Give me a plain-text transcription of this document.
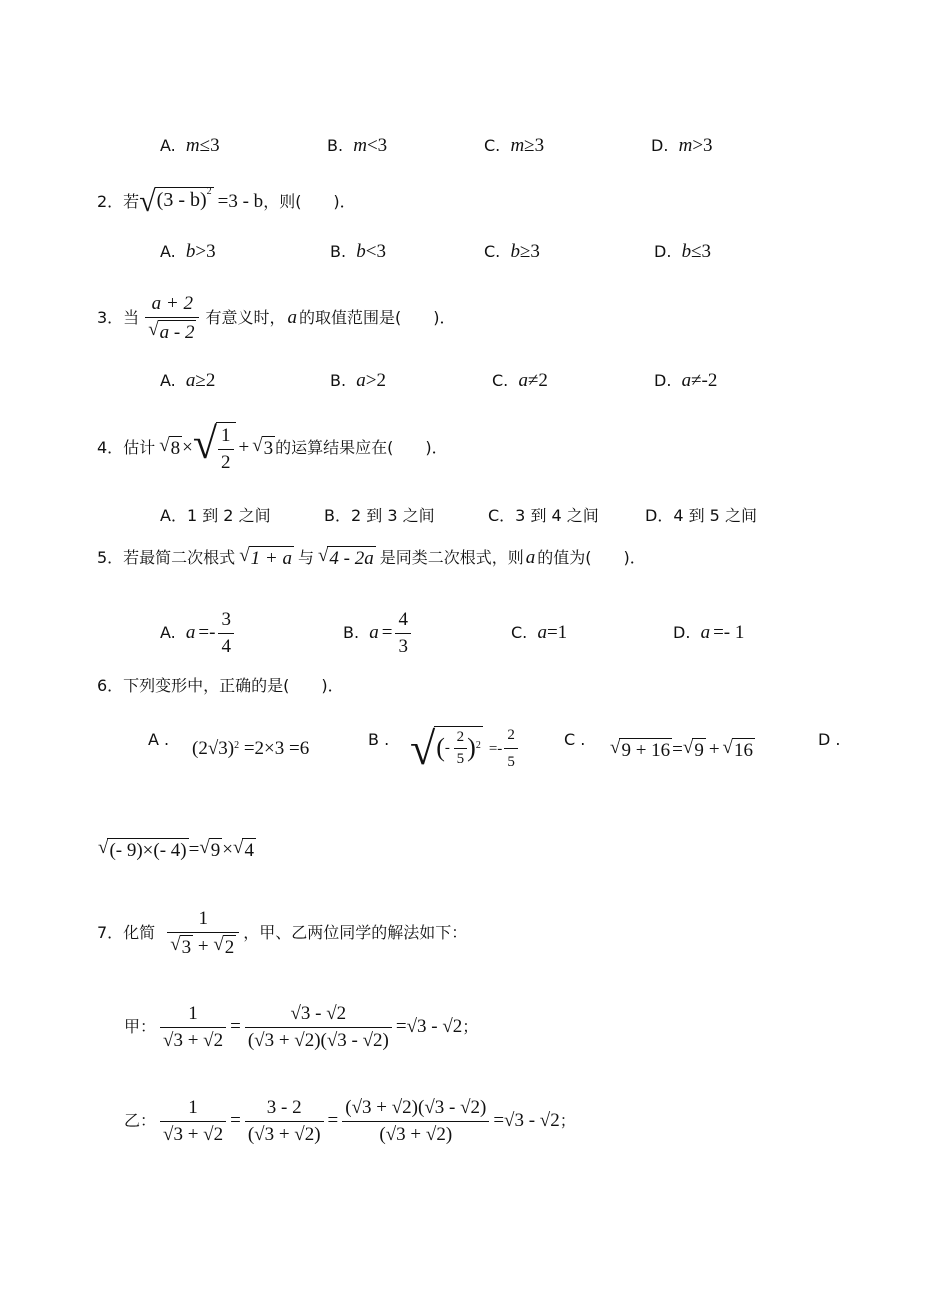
A. m≤3	B. m<3	C. m≥3	D. m>3
2．若 √ (3 - b)$^2$ =3 - b ，则(　　)．
A. b>3	B. b<3	C. b≥3	D. b≤3
3．当 $\frac{a + 2}{√ a - 2}$ 有意义时， a 的取值范围是(　　)．
A. a≥2	B. a>2	C. a≠2	D. a≠-2
4．估计 √ 8 × √ $\frac{1}{2}$ + √ 3 的运算结果应在(　　)．
A．1 到 2 之间	B．2 到 3 之间	C．3 到 4 之间	D．4 到 5 之间
5．若最简二次根式 √ 1 + a 与 √ 4 - 2a 是同类二次根式，则 a 的值为(　　)．
A.
$a =- \frac{3}{4}$	B.
$a = \frac{4}{3}$	C. a=1	D. a =- 1
6．下列变形中，正确的是(　　)．
A . $(2√3)^2 =2\times 3 =6$	B . √ ( -
$\frac{2}{5} )^2 =- \frac{2}{5}$	C . √ 9 + 16 = √ 9 + √ 16
D .
√ (- 9)×(- 4) = √ 9 × √ 4
7．化简 $\frac{1}{√ 3 + √ 2}$ ，甲、乙两位同学的解法如下：
甲： $\frac{1}{√3 + √2} = \frac{√3 - √2}{(√3 + √2)(√3 - √2)} =√3 - √2$ ；
乙： $\frac{1}{√3 + √2} = \frac{3 - 2}{(√3 + √2)} = \frac{(√3 + √2)(√3 - √2)}{(√3 + √2)} =√3 - √2$ ；
